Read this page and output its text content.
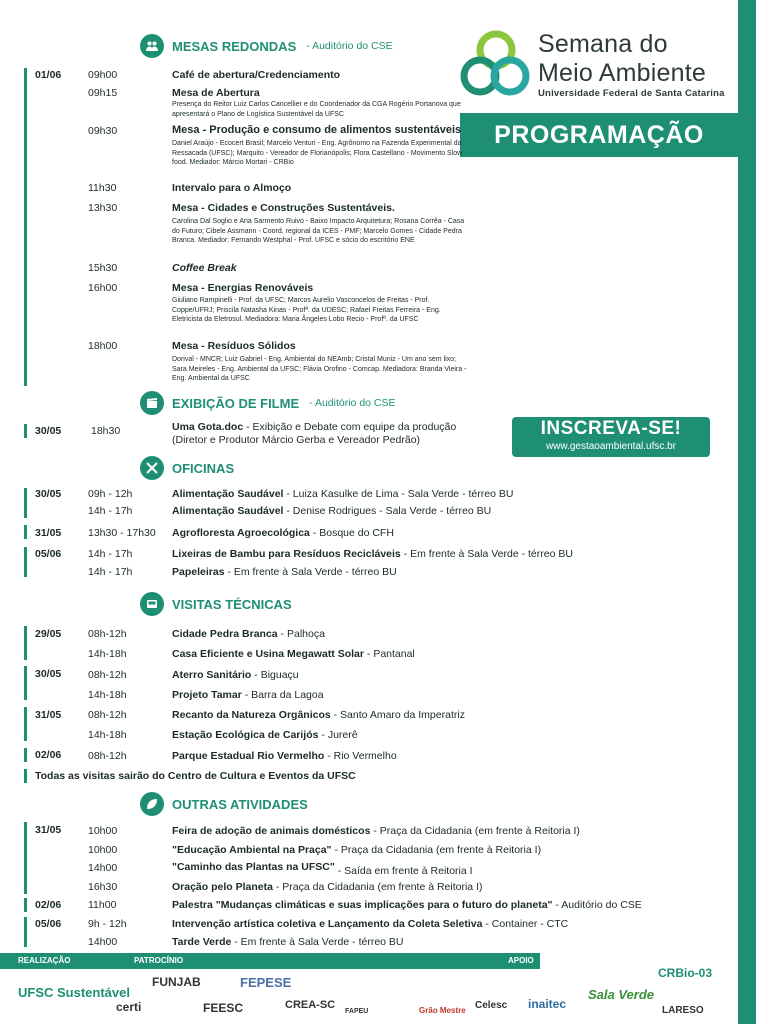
Semana do
Meio Ambiente
Universidade Federal de Santa Catarina
PROGRAMAÇÃO
INSCREVA-SE!
www.gestaoambiental.ufsc.br
MESAS REDONDAS - Auditório do CSE
01/06	09h00	Café de abertura/Credenciamento
09h15	Mesa de Abertura
Presença do Reitor Luiz Carlos Cancellier e do Coordenador da CGA Rogério Portanova que apresentará o Plano de Logística Sustentável da UFSC
09h30	Mesa - Produção e consumo de alimentos sustentáveis
Daniel Araújo - Ecocert Brasil; Marcelo Venturi - Eng. Agrônomo na Fazenda Experimental da Ressacada (UFSC); Marquito - Vereador de Florianópolis; Flora Castellano - Movimento Slow food. Mediador: Márcio Mortari - CRBio
11h30	Intervalo para o Almoço
13h30	Mesa - Cidades e Construções Sustentáveis.
Carolina Dal Soglio e Ana Sarmento Ruivo - Baixo Impacto Arquitetura; Rosana Corrêa - Casa do Futuro; Cibele Assmann - Coord. regional da ICES - PMF; Marcelo Gomes - Cidade Pedra Branca. Mediador: Fernando Westphal - Prof. UFSC e sócio do escritório ENE
15h30	Coffee Break
16h00	Mesa - Energias Renováveis
Giuliano Rampinelli - Prof. da UFSC; Marcos Aurelio Vasconcelos de Freitas - Prof. Coppe/UFRJ; Priscila Natasha Kinas - Profª. da UDESC; Rafael Freitas Ferreira - Eng. Eletricista da Eletrosul. Mediadora: Maria Ângeles Lobo Recio - Profª. da UFSC
18h00	Mesa - Resíduos Sólidos
Dorival - MNCR; Luiz Gabriel - Eng. Ambiental do NEAmb; Cristal Muniz - Um ano sem lixo; Sara Meireles - Eng. Ambiental da UFSC; Flávia Orofino - Comcap. Mediadora: Branda Vieira - Eng. Ambiental da UFSC
EXIBIÇÃO DE FILME - Auditório do CSE
30/05	18h30	Uma Gota.doc - Exibição e Debate com equipe da produção
(Diretor e Produtor Márcio Gerba e Vereador Pedrão)
OFICINAS
30/05	09h - 12h	Alimentação Saudável - Luiza Kasulke de Lima - Sala Verde - térreo BU
14h - 17h	Alimentação Saudável - Denise Rodrigues - Sala Verde - térreo BU
31/05	13h30 - 17h30 Agrofloresta Agroecológica - Bosque do CFH
05/06	14h - 17h	Lixeiras de Bambu para Resíduos Recicláveis - Em frente à Sala Verde - térreo BU
14h - 17h	Papeleiras - Em frente à Sala Verde - térreo BU
VISITAS TÉCNICAS
29/05	08h-12h	Cidade Pedra Branca - Palhoça
14h-18h	Casa Eficiente e Usina Megawatt Solar - Pantanal
30/05	08h-12h	Aterro Sanitário - Biguaçu
14h-18h	Projeto Tamar - Barra da Lagoa
31/05	08h-12h	Recanto da Natureza Orgânicos - Santo Amaro da Imperatriz
14h-18h	Estação Ecológica de Carijós - Jurerê
02/06	08h-12h	Parque Estadual Rio Vermelho - Rio Vermelho
Todas as visitas sairão do Centro de Cultura e Eventos da UFSC
OUTRAS ATIVIDADES
31/05	10h00	Feira de adoção de animais domésticos - Praça da Cidadania (em frente à Reitoria I)
10h00	"Educação Ambiental na Praça" - Praça da Cidadania (em frente à Reitoria I)
14h00	"Caminho das Plantas na UFSC" - Saída em frente à Reitoria I
16h30	Oração pelo Planeta - Praça da Cidadania (em frente à Reitoria I)
02/06	11h00	Palestra "Mudanças climáticas e suas implicações para o futuro do planeta" - Auditório do CSE
05/06	9h - 12h	Intervenção artística coletiva e Lançamento da Coleta Seletiva - Container - CTC
14h00	Tarde Verde - Em frente à Sala Verde - térreo BU
REALIZAÇÃO	PATROCÍNIO	APOIO
UFSC Sustentável
FUNJAB	FEPESE
certi	FEESC	CREA-SC
FAPEU	Grão Mestre Celesc inaitec
Sala Verde
CRBio-03
LARESO
